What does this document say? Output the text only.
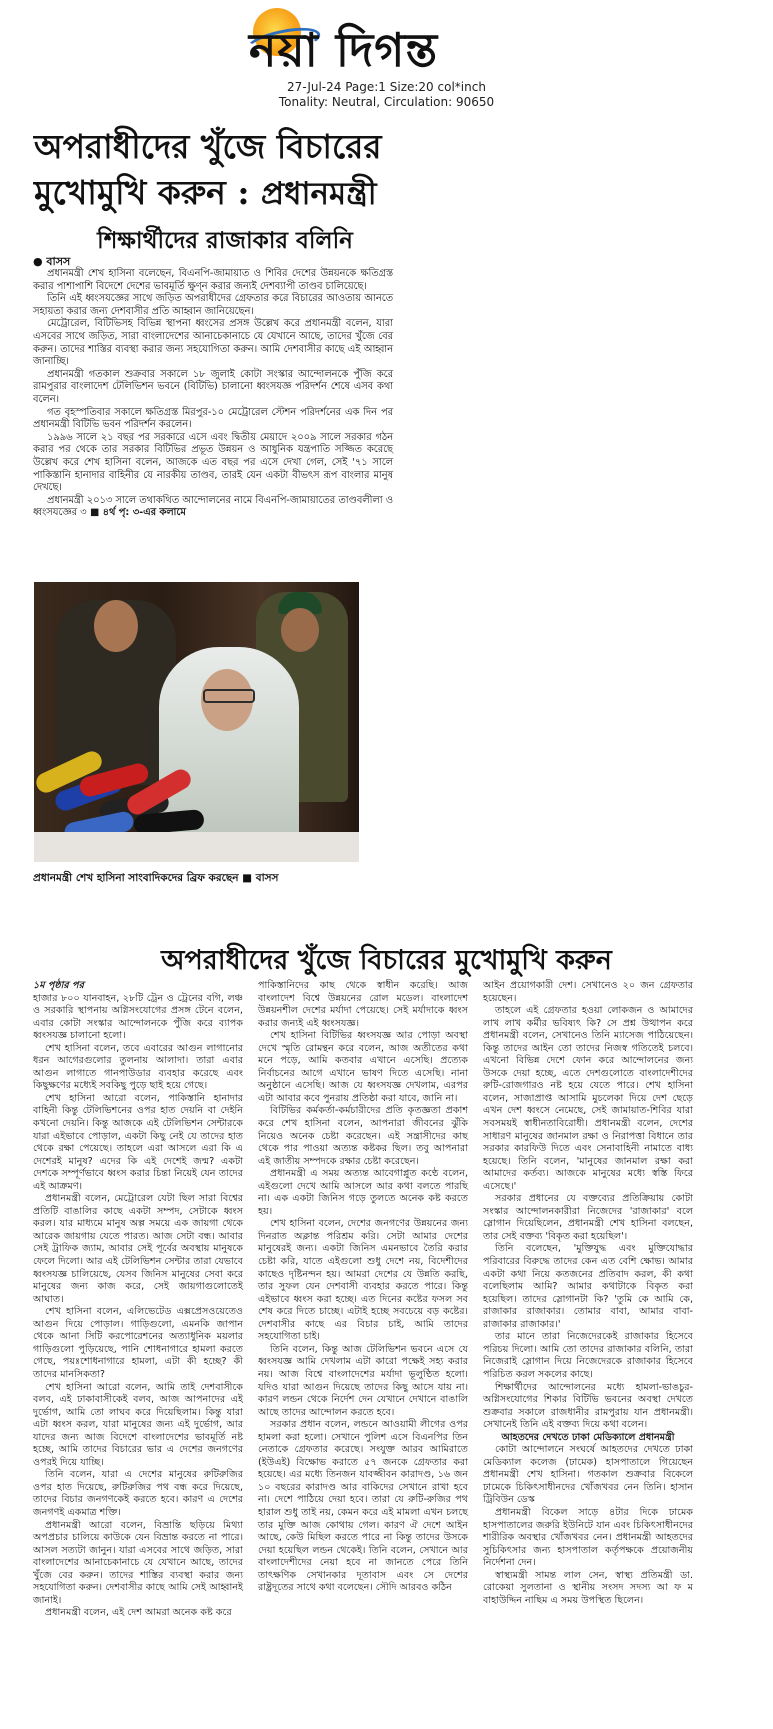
নয়া দিগন্ত
27-Jul-24 Page:1 Size:20 col*inch
Tonality: Neutral, Circulation: 90650
অপরাধীদের খুঁজে বিচারের
মুখোমুখি করুন : প্রধানমন্ত্রী
শিক্ষার্থীদের রাজাকার বলিনি
● বাসস

প্রধানমন্ত্রী শেখ হাসিনা বলেছেন, বিএনপি-জামায়াত ও শিবির দেশের উন্নয়নকে ক্ষতিগ্রস্ত করার পাশাপাশি বিদেশে দেশের ভাবমূর্তি ক্ষুণ্ন করার জন্যই দেশব্যাপী তাণ্ডব চালিয়েছে।

তিনি এই ধ্বংসযজ্ঞের সাথে জড়িত অপরাধীদের গ্রেফতার করে বিচারের আওতায় আনতে সহায়তা করার জন্য দেশবাসীর প্রতি আহ্বান জানিয়েছেন।

মেট্রোরেল, বিটিভিসহ বিভিন্ন স্থাপনা ধ্বংসের প্রসঙ্গ উল্লেখ করে প্রধানমন্ত্রী বলেন, যারা এসবের সাথে জড়িত, সারা বাংলাদেশের আনাচেকানাচে যে যেখানে আছে, তাদের খুঁজে বের করুন। তাদের শাস্তির ব্যবস্থা করার জন্য সহযোগিতা করুন। আমি দেশবাসীর কাছে এই আহ্বান জানাচ্ছি।

প্রধানমন্ত্রী গতকাল শুক্রবার সকালে ১৮ জুলাই কোটা সংস্কার আন্দোলনকে পুঁজি করে রামপুরার বাংলাদেশ টেলিভিশন ভবনে (বিটিভি) চালানো ধ্বংসযজ্ঞ পরিদর্শন শেষে এসব কথা বলেন।

গত বৃহস্পতিবার সকালে ক্ষতিগ্রস্ত মিরপুর-১০ মেট্রোরেল স্টেশন পরিদর্শনের এক দিন পর প্রধানমন্ত্রী বিটিভি ভবন পরিদর্শন করলেন।

১৯৯৬ সালে ২১ বছর পর সরকারে এসে এবং দ্বিতীয় মেয়াদে ২০০৯ সালে সরকার গঠন করার পর থেকে তার সরকার বিটিভির প্রভূত উন্নয়ন ও আধুনিক যন্ত্রপাতি সজ্জিত করেছে উল্লেখ করে শেখ হাসিনা বলেন, আজকে এত বছর পর এসে দেখা গেল, সেই '৭১ সালে পাকিস্তানি হানাদার বাহিনীর যে নারকীয় তাণ্ডব, তারই যেন একটা বীভৎস রূপ বাংলার মানুষ দেখছে।

প্রধানমন্ত্রী ২০১৩ সালে তথাকথিত আন্দোলনের নামে বিএনপি-জামায়াতের তাণ্ডবলীলা ও ধ্বংসযজ্ঞের ৩ ■ ৪র্থ পৃ: ৩-এর কলামে

প্রধানমন্ত্রী শেখ হাসিনা সাংবাদিকদের ব্রিফ করছেন ■ বাসস
অপরাধীদের খুঁজে বিচারের মুখোমুখি করুন

১ম পৃষ্ঠার পর

হাজার ৮০০ যানবাহন, ২৮টি ট্রেন ও ট্রেনের বগি, লঞ্চ ও সরকারি স্থাপনায় অগ্নিসংযোগের প্রসঙ্গ টেনে বলেন, এবার কোটা সংস্কার আন্দোলনকে পুঁজি করে ব্যাপক ধ্বংসযজ্ঞ চালানো হলো।

শেখ হাসিনা বলেন, তবে এবারের আগুন লাগানোর ধরন আগেরগুলোর তুলনায় আলাদা। তারা এবার আগুন লাগাতে গানপাউডার ব্যবহার করেছে এবং কিছুক্ষণের মধ্যেই সবকিছু পুড়ে ছাই হয়ে গেছে।

শেখ হাসিনা আরো বলেন, পাকিস্তানি হানাদার বাহিনী কিন্তু টেলিভিশনের ওপর হাত দেয়নি বা দেইনি কখনো দেয়নি। কিন্তু আজকে এই টেলিভিশন সেন্টারকে যারা এইভাবে পোড়াল, একটা কিছু নেই যে তাদের হাত থেকে রক্ষা পেয়েছে। তাহলে এরা আসলে এরা কি এ দেশেরই মানুষ? এদের কি এই দেশেই জন্ম? একটা দেশকে সম্পূর্ণভাবে ধ্বংস করার চিন্তা নিয়েই যেন তাদের এই আক্রমণ।

প্রধানমন্ত্রী বলেন, মেট্রোরেল যেটা ছিল সারা বিশ্বের প্রতিটি বাঙালির কাছে একটা সম্পদ, সেটাকে ধ্বংস করল। যার মাধ্যমে মানুষ অল্প সময়ে এক জায়গা থেকে আরেক জায়গায় যেতে পারত। আজ সেটা বন্ধ। আবার সেই ট্রাফিক জ্যাম, আবার সেই পূর্বের অবস্থায় মানুষকে ফেলে দিলো। আর এই টেলিভিশন সেন্টার তারা যেভাবে ধ্বংসযজ্ঞ চালিয়েছে, যেসব জিনিস মানুষের সেবা করে মানুষের জন্য কাজ করে, সেই জায়গাগুলোতেই আঘাত।

শেখ হাসিনা বলেন, এলিভেটেড এক্সপ্রেসওয়েতেও আগুন দিয়ে পোড়াল। গাড়িগুলো, এমনকি জাপান থেকে আনা সিটি করপোরেশনের অত্যাধুনিক ময়লার গাড়িগুলো পুড়িয়েছে, পানি শোধনাগারে হামলা করতে গেছে, পয়ঃশোধনাগারে হামলা, এটা কী হচ্ছে? কী তাদের মানসিকতা?

শেখ হাসিনা আরো বলেন, আমি তাই দেশবাসীকে বলব, এই ঢাকাবাসীকেই বলব, আজ আপনাদের এই দুর্ভোগ, আমি তো লাঘব করে দিয়েছিলাম। কিন্তু যারা এটা ধ্বংস করল, যারা মানুষের জন্য এই দুর্ভোগ, আর যাদের জন্য আজ বিদেশে বাংলাদেশের ভাবমূর্তি নষ্ট হচ্ছে, আমি তাদের বিচারের ভার এ দেশের জনগণের ওপরই দিয়ে যাচ্ছি।

তিনি বলেন, যারা এ দেশের মানুষের রুটিরুজির ওপর হাত দিয়েছে, রুটিরুজির পথ বন্ধ করে দিয়েছে, তাদের বিচার জনগণকেই করতে হবে। কারণ এ দেশের জনগণই একমাত্র শক্তি।

প্রধানমন্ত্রী আরো বলেন, বিভ্রান্তি ছড়িয়ে মিথ্যা অপপ্রচার চালিয়ে কাউকে যেন বিভ্রান্ত করতে না পারে। আসল সত্যটা জানুন। যারা এসবের সাথে জড়িত, সারা বাংলাদেশের আনাচেকানাচে যে যেখানে আছে, তাদের খুঁজে বের করুন। তাদের শাস্তির ব্যবস্থা করার জন্য সহযোগিতা করুন। দেশবাসীর কাছে আমি সেই আহ্বানই জানাই।

প্রধানমন্ত্রী বলেন, এই দেশ আমরা অনেক কষ্ট করে

পাকিস্তানিদের কাছ থেকে স্বাধীন করেছি। আজ বাংলাদেশ বিশ্বে উন্নয়নের রোল মডেল। বাংলাদেশ উন্নয়নশীল দেশের মর্যাদা পেয়েছে। সেই মর্যাদাকে ধ্বংস করার জন্যই এই ধ্বংসযজ্ঞ।

শেখ হাসিনা বিটিভির ধ্বংসযজ্ঞ আর পোড়া অবস্থা দেখে স্মৃতি রোমন্থন করে বলেন, আজ অতীতের কথা মনে পড়ে, আমি কতবার এখানে এসেছি। প্রত্যেক নির্বাচনের আগে এখানে ভাষণ দিতে এসেছি। নানা অনুষ্ঠানে এসেছি। আজ যে ধ্বংসযজ্ঞ দেখলাম, এরপর এটা আবার কবে পুনরায় প্রতিষ্ঠা করা যাবে, জানি না।

বিটিভির কর্মকর্তা-কর্মচারীদের প্রতি কৃতজ্ঞতা প্রকাশ করে শেখ হাসিনা বলেন, আপনারা জীবনের ঝুঁকি নিয়েও অনেক চেষ্টা করেছেন। এই সন্ত্রাসীদের কাছ থেকে পার পাওয়া অত্যন্ত কষ্টকর ছিল। তবু আপনারা এই জাতীয় সম্পদকে রক্ষার চেষ্টা করেছেন।

প্রধানমন্ত্রী এ সময় অত্যন্ত আবেগাপ্লুত কণ্ঠে বলেন, এইগুলো দেখে আমি আসলে আর কথা বলতে পারছি না। এক একটা জিনিস গড়ে তুলতে অনেক কষ্ট করতে হয়।

শেখ হাসিনা বলেন, দেশের জনগণের উন্নয়নের জন্য দিনরাত অক্লান্ত পরিশ্রম করি। সেটা আমার দেশের মানুষেরই জন্য। একটা জিনিস এমনভাবে তৈরি করার চেষ্টা করি, যাতে এইগুলো শুধু দেশে নয়, বিদেশীদের কাছেও দৃষ্টিনন্দন হয়। আমরা দেশের যে উন্নতি করছি, তার সুফল যেন দেশবাসী ব্যবহার করতে পারে। কিন্তু এইভাবে ধ্বংস করা হচ্ছে। এত দিনের কষ্টের ফসল সব শেষ করে দিতে চাচ্ছে। এটাই হচ্ছে সবচেয়ে বড় কষ্টের। দেশবাসীর কাছে এর বিচার চাই, আমি তাদের সহযোগিতা চাই।

তিনি বলেন, কিন্তু আজ টেলিভিশন ভবনে এসে যে ধ্বংসযজ্ঞ আমি দেখলাম এটা কারো পক্ষেই সহ্য করার নয়। আজ বিশ্বে বাংলাদেশের মর্যাদা ভূলুণ্ঠিত হলো। যদিও যারা আগুন দিয়েছে তাদের কিছু আসে যায় না। কারণ লন্ডন থেকে নির্দেশ দেন যেখানে দেখানে বাঙালি আছে তাদের আন্দোলন করতে হবে।

সরকার প্রধান বলেন, লন্ডনে আওয়ামী লীগের ওপর হামলা করা হলো। সেখানে পুলিশ এসে বিএনপির তিন নেতাকে গ্রেফতার করেছে। সংযুক্ত আরব আমিরাতে (ইউএই) বিক্ষোভ করাতে ৫৭ জনকে গ্রেফতার করা হয়েছে। এর মধ্যে তিনজন যাবজ্জীবন কারাদণ্ড, ১৬ জন ১০ বছরের কারাদণ্ড আর বাকিদের সেখানে রাখা হবে না। দেশে পাঠিয়ে দেয়া হবে। তারা যে রুটি-রুজির পথ হারাল শুধু তাই নয়, কেমন করে এই মামলা এখন চলছে তার মুক্তি আজ কোথায় গেল। কারণ ঐ দেশে আইন আছে, কেউ মিছিল করতে পারে না কিন্তু তাদের উসকে দেয়া হয়েছিল লন্ডন থেকেই। তিনি বলেন, সেখানে আর বাংলাদেশীদের নেয়া হবে না জানতে পেরে তিনি তাৎক্ষণিক সেখানকার দূতাবাস এবং সে দেশের রাষ্ট্রদূতের সাথে কথা বলেছেন। সৌদি আরবও কঠিন

আইন প্রয়োগকারী দেশ। সেখানেও ২০ জন গ্রেফতার হয়েছেন।

তাহলে এই গ্রেফতার হওয়া লোকজন ও আমাদের লাখ লাখ কর্মীর ভবিষ্যৎ কি? সে প্রশ্ন উত্থাপন করে প্রধানমন্ত্রী বলেন, সেখানেও তিনি ম্যাসেজ পাঠিয়েছেন। কিন্তু তাদের আইন তো তাদের নিজস্ব গতিতেই চলবে। এখনো বিভিন্ন দেশে ফোন করে আন্দোলনের জন্য উসকে দেয়া হচ্ছে, এতে দেশগুলোতে বাংলাদেশীদের রুটি-রোজগারও নষ্ট হয়ে যেতে পারে। শেখ হাসিনা বলেন, সাজাপ্রাপ্ত আসামি মুচলেকা দিয়ে দেশ ছেড়ে এখন দেশ ধ্বংসে নেমেছে, সেই জামায়াত-শিবির যারা সবসময়ই স্বাধীনতাবিরোধী। প্রধানমন্ত্রী বলেন, দেশের সাধারণ মানুষের জানমাল রক্ষা ও নিরাপত্তা বিধানে তার সরকার কারফিউ দিতে এবং সেনাবাহিনী নামাতে বাধ্য হয়েছে। তিনি বলেন, 'মানুষের জানমাল রক্ষা করা আমাদের কর্তব্য। আজকে মানুষের মধ্যে স্বস্তি ফিরে এসেছে।'

সরকার প্রধানের যে বক্তব্যের প্রতিক্রিয়ায় কোটা সংস্কার আন্দোলনকারীরা নিজেদের 'রাজাকার' বলে স্লোগান দিয়েছিলেন, প্রধানমন্ত্রী শেখ হাসিনা বলছেন, তার সেই বক্তব্য 'বিকৃত করা হয়েছিল'।

তিনি বলেছেন, 'মুক্তিযুদ্ধ এবং মুক্তিযোদ্ধার পরিবারের বিরুদ্ধে তাদের কেন এত বেশি ক্ষোভ। আমার একটা কথা নিয়ে কতজনের প্রতিবাদ করল, কী কথা বলেছিলাম আমি? আমার কথাটাকে বিকৃত করা হয়েছিল। তাদের স্লোগানটা কি? 'তুমি কে আমি কে, রাজাকার রাজাকার। তোমার বাবা, আমার বাবা- রাজাকার রাজাকার।'

তার মানে তারা নিজেদেরকেই রাজাকার হিসেবে পরিচয় দিলো। আমি তো তাদের রাজাকার বলিনি, তারা নিজেরাই স্লোগান দিয়ে নিজেদেরকে রাজাকার হিসেবে পরিচিত করল সকলের কাছে।

শিক্ষার্থীদের আন্দোলনের মধ্যে হামলা-ভাঙচুর-অগ্নিসংযোগের শিকার বিটিভি ভবনের অবস্থা দেখতে শুক্রবার সকালে রাজধানীর রামপুরায় যান প্রধানমন্ত্রী। সেখানেই তিনি এই বক্তব্য দিয়ে কথা বলেন।

আহতদের দেখতে ঢাকা মেডিক্যালে প্রধানমন্ত্রী

কোটা আন্দোলনে সংঘর্ষে আহতদের দেখতে ঢাকা মেডিক্যাল কলেজ (ঢামেক) হাসপাতালে গিয়েছেন প্রধানমন্ত্রী শেখ হাসিনা। গতকাল শুক্রবার বিকেলে ঢামেকে চিকিৎসাধীনদের খোঁজখবর নেন তিনি। হাসান ট্রিবিউন ডেস্ক

প্রধানমন্ত্রী বিকেল সাড়ে ৪টার দিকে ঢামেক হাসপাতালের জরুরি ইউনিটে যান এবং চিকিৎসাধীনদের শারীরিক অবস্থার খোঁজখবর নেন। প্রধানমন্ত্রী আহতদের সুচিকিৎসার জন্য হাসপাতাল কর্তৃপক্ষকে প্রয়োজনীয় নির্দেশনা দেন।

স্বাস্থ্যমন্ত্রী সামন্ত লাল সেন, স্বাস্থ্য প্রতিমন্ত্রী ডা. রোকেয়া সুলতানা ও স্থানীয় সংসদ সদস্য আ ফ ম বাহাউদ্দিন নাছিম এ সময় উপস্থিত ছিলেন।
